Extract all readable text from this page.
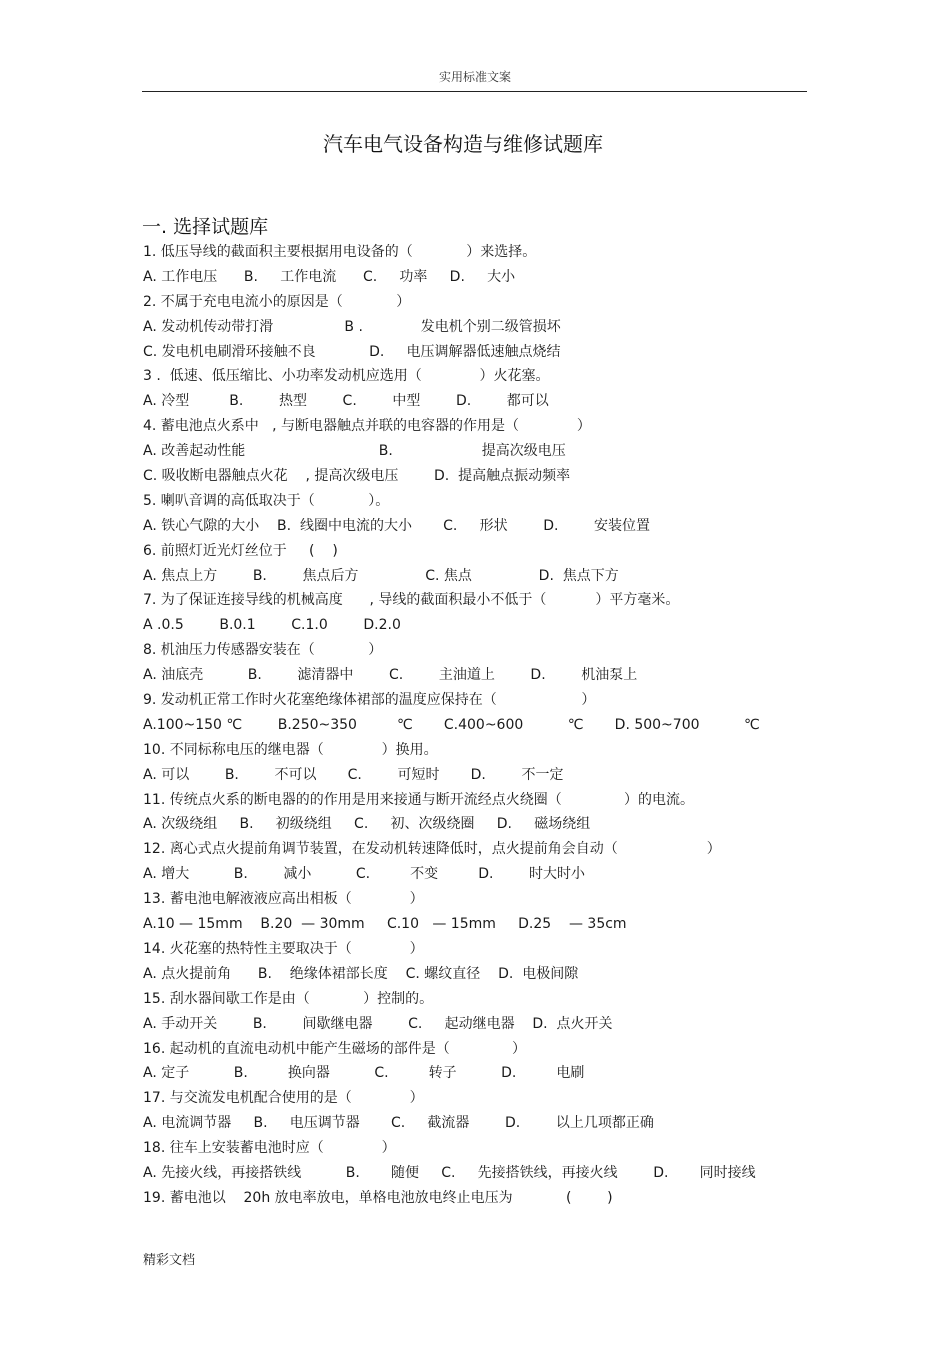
实用标准文案
汽车电气设备构造与维修试题库
一. 选择试题库
1. 低压导线的截面积主要根据用电设备的（            ）来选择。
A. 工作电压      B.     工作电流      C.     功率     D.     大小
2. 不属于充电电流小的原因是（            ）
A. 发动机传动带打滑                B .             发电机个别二级管损坏
C. 发电机电刷滑环接触不良            D.     电压调解器低速触点烧结
3 .  低速、低压缩比、小功率发动机应选用（             ）火花塞。
A. 冷型         B.        热型        C.        中型        D.        都可以
4. 蓄电池点火系中   , 与断电器触点并联的电容器的作用是（             ）
A. 改善起动性能                              B.                    提高次级电压
C. 吸收断电器触点火花    , 提高次级电压        D.  提高触点振动频率
5. 喇叭音调的高低取决于（            ）。
A. 铁心气隙的大小    B.  线圈中电流的大小       C.     形状        D.        安装位置
6. 前照灯近光灯丝位于     (    )
A. 焦点上方        B.        焦点后方               C. 焦点               D.  焦点下方
7. 为了保证连接导线的机械高度      , 导线的截面积最小不低于（           ）平方毫米。
A .0.5        B.0.1        C.1.0        D.2.0
8. 机油压力传感器安装在（            ）
A. 油底壳          B.        滤清器中        C.        主油道上        D.        机油泵上
9. 发动机正常工作时火花塞绝缘体裙部的温度应保持在（                   ）
A.100~150 ℃        B.250~350         ℃       C.400~600          ℃       D. 500~700          ℃
10. 不同标称电压的继电器（             ）换用。
A. 可以        B.        不可以       C.        可短时       D.        不一定
11. 传统点火系的断电器的的作用是用来接通与断开流经点火绕圈（              ）的电流。
A. 次级绕组     B.     初级绕组     C.     初、次级绕圈     D.     磁场绕组
12. 离心式点火提前角调节装置，在发动机转速降低时，点火提前角会自动（                    ）
A. 增大          B.        减小          C.         不变         D.        时大时小
13. 蓄电池电解液液应高出相板（             ）
A.10 — 15mm    B.20  — 30mm     C.10   — 15mm     D.25    — 35cm
14. 火花塞的热特性主要取决于（             ）
A. 点火提前角      B.    绝缘体裙部长度    C. 螺纹直径    D.  电极间隙
15. 刮水器间歇工作是由（            ）控制的。
A. 手动开关        B.        间歇继电器        C.     起动继电器    D.  点火开关
16. 起动机的直流电动机中能产生磁场的部件是（              ）
A. 定子          B.         换向器          C.         转子          D.         电刷
17. 与交流发电机配合使用的是（             ）
A. 电流调节器     B.     电压调节器       C.     截流器        D.        以上几项都正确
18. 往车上安装蓄电池时应（             ）
A. 先接火线，再接搭铁线          B.       随便     C.     先接搭铁线，再接火线        D.       同时接线
19. 蓄电池以    20h 放电率放电，单格电池放电终止电压为            (        )
精彩文档
